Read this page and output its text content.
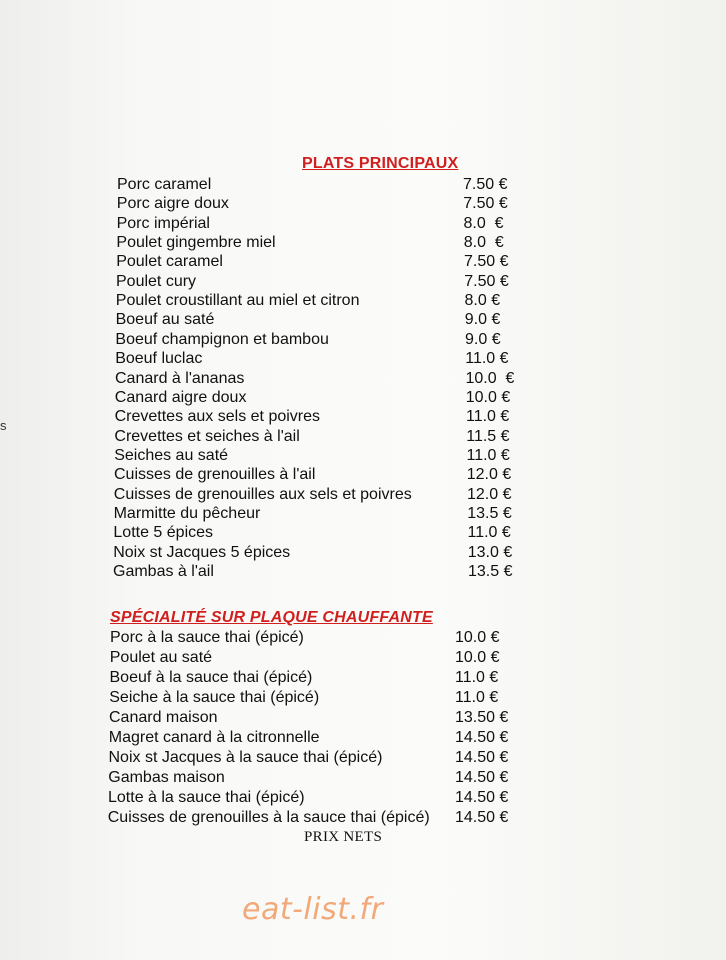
PLATS PRINCIPAUX
Porc caramel	7.50 €
Porc aigre doux	7.50 €
Porc impérial	8.0  €
Poulet gingembre miel	8.0  €
Poulet caramel	7.50 €
Poulet cury	7.50 €
Poulet croustillant au miel et citron	8.0 €
Boeuf au saté	9.0 €
Boeuf champignon et bambou	9.0 €
Boeuf luclac	11.0 €
Canard à l'ananas	10.0  €
Canard aigre doux	10.0 €
Crevettes aux sels et poivres	11.0 €
Crevettes et seiches à l'ail	11.5 €
Seiches au saté	11.0 €
Cuisses de grenouilles à l'ail	12.0 €
Cuisses de grenouilles aux sels et poivres	12.0 €
Marmitte du pêcheur	13.5 €
Lotte 5 épices	11.0 €
Noix st Jacques 5 épices	13.0 €
Gambas à l'ail	13.5 €
SPÉCIALITÉ SUR PLAQUE CHAUFFANTE
Porc à la sauce thai (épicé)	10.0 €
Poulet au saté	10.0 €
Boeuf à la sauce thai (épicé)	11.0 €
Seiche à la sauce thai (épicé)	11.0 €
Canard maison	13.50 €
Magret canard à la citronnelle	14.50 €
Noix st Jacques à la sauce thai (épicé)	14.50 €
Gambas maison	14.50 €
Lotte à la sauce thai (épicé)	14.50 €
Cuisses de grenouilles à la sauce thai (épicé) 14.50 €
PRIX NETS
eat-list.fr
s
